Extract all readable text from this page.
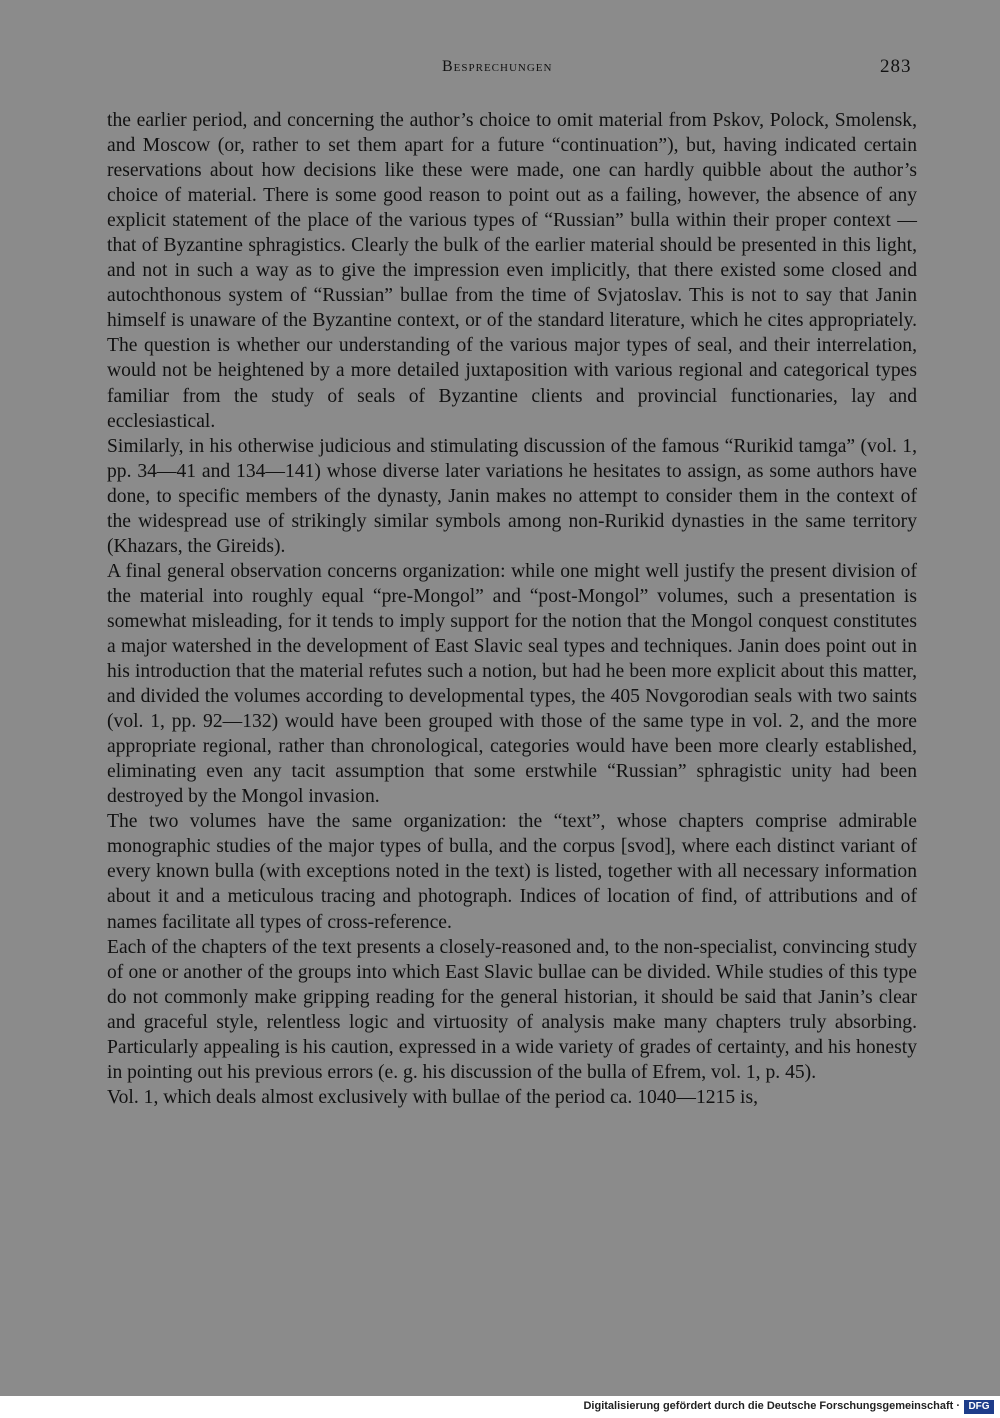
Besprechungen	283

the earlier period, and concerning the author’s choice to omit material from Pskov, Polock, Smolensk, and Moscow (or, rather to set them apart for a future “continuation”), but, having indicated certain reservations about how decisions like these were made, one can hardly quibble about the author’s choice of material. There is some good reason to point out as a failing, however, the absence of any explicit statement of the place of the various types of “Russian” bulla within their proper context — that of Byzantine sphragistics. Clearly the bulk of the earlier material should be presented in this light, and not in such a way as to give the impression even implicitly, that there existed some closed and autochthonous system of “Russian” bullae from the time of Svjatoslav. This is not to say that Janin himself is unaware of the Byzantine context, or of the standard literature, which he cites appropriately. The question is whether our understanding of the various major types of seal, and their interrelation, would not be heightened by a more detailed juxtaposition with various regional and categorical types familiar from the study of seals of Byzantine clients and provincial functionaries, lay and ecclesiastical.

Similarly, in his otherwise judicious and stimulating discussion of the famous “Rurikid tamga” (vol. 1, pp. 34—41 and 134—141) whose diverse later variations he hesitates to assign, as some authors have done, to specific members of the dynasty, Janin makes no attempt to consider them in the context of the widespread use of strikingly similar symbols among non-Rurikid dynasties in the same territory (Khazars, the Gireids).

A final general observation concerns organization: while one might well justify the present division of the material into roughly equal “pre-Mongol” and “post-Mongol” volumes, such a presentation is somewhat misleading, for it tends to imply support for the notion that the Mongol conquest constitutes a major watershed in the development of East Slavic seal types and techniques. Janin does point out in his introduction that the material refutes such a notion, but had he been more explicit about this matter, and divided the volumes according to developmental types, the 405 Novgorodian seals with two saints (vol. 1, pp. 92—132) would have been grouped with those of the same type in vol. 2, and the more appropriate regional, rather than chronological, categories would have been more clearly established, eliminating even any tacit assumption that some erstwhile “Russian” sphragistic unity had been destroyed by the Mongol invasion.

The two volumes have the same organization: the “text”, whose chapters comprise admirable monographic studies of the major types of bulla, and the corpus [svod], where each distinct variant of every known bulla (with exceptions noted in the text) is listed, together with all necessary information about it and a meticulous tracing and photograph. Indices of location of find, of attributions and of names facilitate all types of cross-reference.

Each of the chapters of the text presents a closely-reasoned and, to the non-specialist, convincing study of one or another of the groups into which East Slavic bullae can be divided. While studies of this type do not commonly make gripping reading for the general historian, it should be said that Janin’s clear and graceful style, relentless logic and virtuosity of analysis make many chapters truly absorbing. Particularly appealing is his caution, expressed in a wide variety of grades of certainty, and his honesty in pointing out his previous errors (e. g. his discussion of the bulla of Efrem, vol. 1, p. 45).

Vol. 1, which deals almost exclusively with bullae of the period ca. 1040—1215 is,

Digitalisierung gefördert durch die Deutsche Forschungsgemeinschaft · DFG
